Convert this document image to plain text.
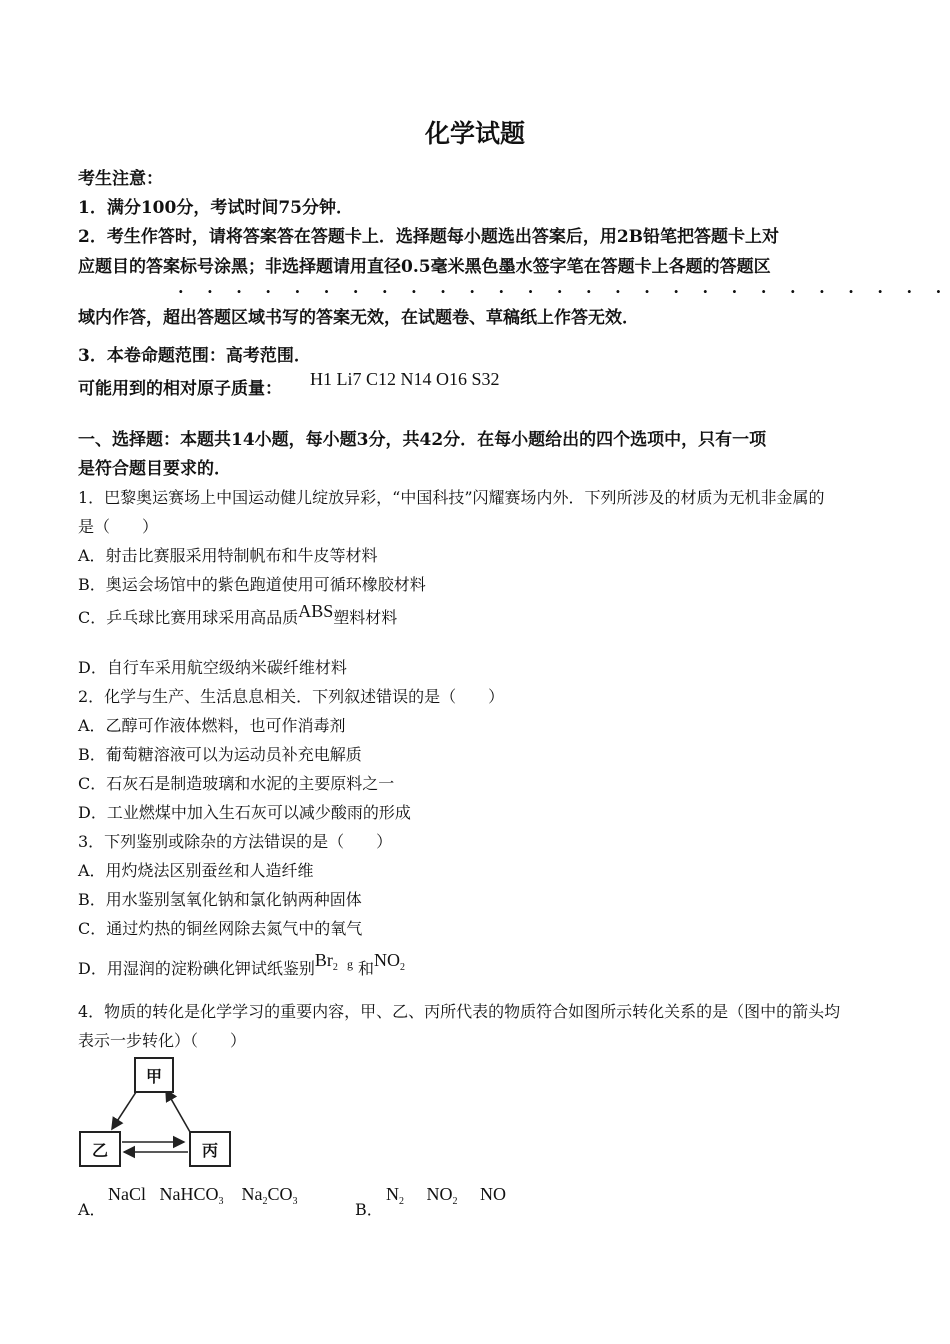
化学试题
考生注意：
1．满分100分，考试时间75分钟．
2．考生作答时，请将答案答在答题卡上．选择题每小题选出答案后，用2B铅笔把答题卡上对
应题目的答案标号涂黑；非选择题请用直径0.5毫米黑色墨水签字笔在答题卡上各题的答题区
. . . . . . . . . . . . . . . . . . . . . . . . . . .
域内作答，超出答题区域书写的答案无效，在试题卷、草稿纸上作答无效．
3．本卷命题范围：高考范围．
可能用到的相对原子质量： H1 Li7 C12 N14 O16 S32
一、选择题：本题共14小题，每小题3分，共42分．在每小题给出的四个选项中，只有一项
是符合题目要求的．
1．巴黎奥运赛场上中国运动健儿绽放异彩，“中国科技”闪耀赛场内外．下列所涉及的材质为无机非金属的
是（　　）
A．射击比赛服采用特制帆布和牛皮等材料
B．奥运会场馆中的紫色跑道使用可循环橡胶材料
C．乒乓球比赛用球采用高品质ABS塑料材料
D．自行车采用航空级纳米碳纤维材料
2．化学与生产、生活息息相关．下列叙述错误的是（　　）
A．乙醇可作液体燃料，也可作消毒剂
B．葡萄糖溶液可以为运动员补充电解质
C．石灰石是制造玻璃和水泥的主要原料之一
D．工业燃煤中加入生石灰可以减少酸雨的形成
3．下列鉴别或除杂的方法错误的是（　　）
A．用灼烧法区别蚕丝和人造纤维
B．用水鉴别氢氧化钠和氯化钠两种固体
C．通过灼热的铜丝网除去氮气中的氧气
D．用湿润的淀粉碘化钾试纸鉴别$Br_2$ $^g$ 和$NO_2$
4．物质的转化是化学学习的重要内容，甲、乙、丙所代表的物质符合如图所示转化关系的是（图中的箭头均
表示一步转化）（　　）
甲
乙	丙
A．
NaCl NaHCO$_3$ $Na_2CO_3$	B．
$N_2$ $NO_2$ NO
